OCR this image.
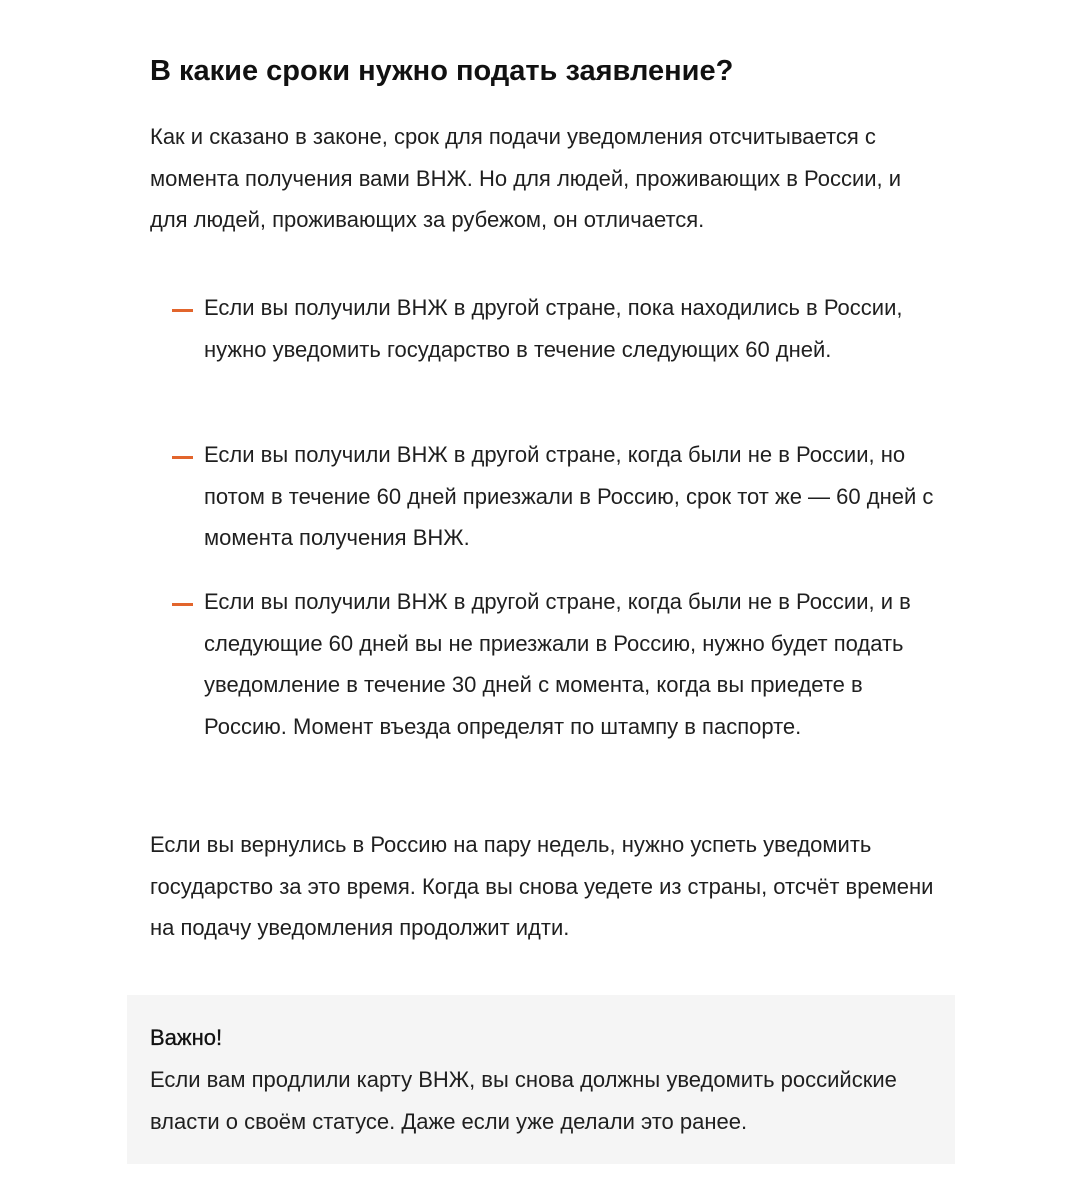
В какие сроки нужно подать заявление?

Как и сказано в законе, срок для подачи уведомления отсчитывается с момента получения вами ВНЖ. Но для людей, проживающих в России, и для людей, проживающих за рубежом, он отличается.

Если вы получили ВНЖ в другой стране, пока находились в России, нужно уведомить государство в течение следующих 60 дней.

Если вы получили ВНЖ в другой стране, когда были не в России, но потом в течение 60 дней приезжали в Россию, срок тот же — 60 дней с момента получения ВНЖ.

Если вы получили ВНЖ в другой стране, когда были не в России, и в следующие 60 дней вы не приезжали в Россию, нужно будет подать уведомление в течение 30 дней с момента, когда вы приедете в Россию. Момент въезда определят по штампу в паспорте.

Если вы вернулись в Россию на пару недель, нужно успеть уведомить государство за это время. Когда вы снова уедете из страны, отсчёт времени на подачу уведомления продолжит идти.

Важно!

Если вам продлили карту ВНЖ, вы снова должны уведомить российские власти о своём статусе. Даже если уже делали это ранее.
